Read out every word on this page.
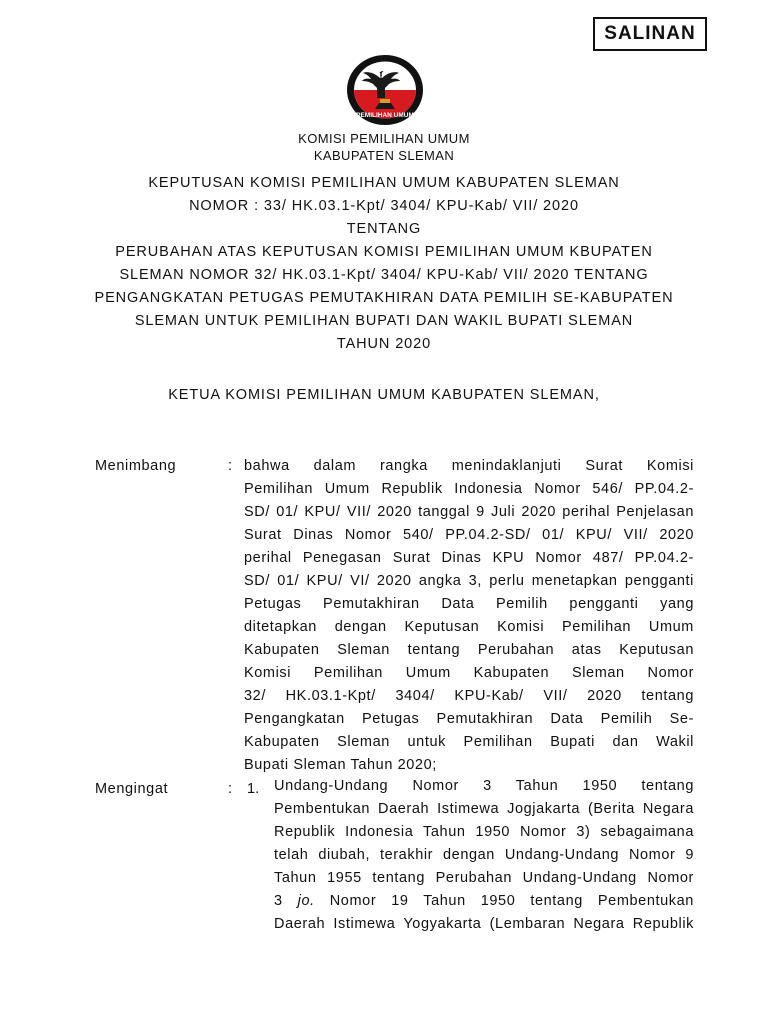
SALINAN
KOMISI
PEMILIHAN UMUM
KOMISI PEMILIHAN UMUM
KABUPATEN SLEMAN
KEPUTUSAN KOMISI PEMILIHAN UMUM KABUPATEN SLEMAN
NOMOR : 33/ HK.03.1-Kpt/ 3404/ KPU-Kab/ VII/ 2020
TENTANG
PERUBAHAN ATAS KEPUTUSAN KOMISI PEMILIHAN UMUM KBUPATEN
SLEMAN NOMOR 32/ HK.03.1-Kpt/ 3404/ KPU-Kab/ VII/ 2020 TENTANG
PENGANGKATAN PETUGAS PEMUTAKHIRAN DATA PEMILIH SE-KABUPATEN
SLEMAN UNTUK PEMILIHAN BUPATI DAN WAKIL BUPATI SLEMAN
TAHUN 2020
KETUA KOMISI PEMILIHAN UMUM KABUPATEN SLEMAN,
Menimbang	: bahwa dalam rangka menindaklanjuti Surat Komisi
Pemilihan Umum Republik Indonesia Nomor 546/ PP.04.2-
SD/ 01/ KPU/ VII/ 2020 tanggal 9 Juli 2020 perihal Penjelasan
Surat Dinas Nomor 540/ PP.04.2-SD/ 01/ KPU/ VII/ 2020
perihal Penegasan Surat Dinas KPU Nomor 487/ PP.04.2-
SD/ 01/ KPU/ VI/ 2020 angka 3, perlu menetapkan pengganti
Petugas Pemutakhiran Data Pemilih pengganti yang
ditetapkan dengan Keputusan Komisi Pemilihan Umum
Kabupaten Sleman tentang Perubahan atas Keputusan
Komisi Pemilihan Umum Kabupaten Sleman Nomor
32/ HK.03.1-Kpt/ 3404/ KPU-Kab/ VII/ 2020 tentang
Pengangkatan Petugas Pemutakhiran Data Pemilih Se-
Kabupaten Sleman untuk Pemilihan Bupati dan Wakil
Bupati Sleman Tahun 2020;
Mengingat	: 1. Undang-Undang Nomor 3 Tahun 1950 tentang
Pembentukan Daerah Istimewa Jogjakarta (Berita Negara
Republik Indonesia Tahun 1950 Nomor 3) sebagaimana
telah diubah, terakhir dengan Undang-Undang Nomor 9
Tahun 1955 tentang Perubahan Undang-Undang Nomor
3 jo. Nomor 19 Tahun 1950 tentang Pembentukan
Daerah Istimewa Yogyakarta (Lembaran Negara Republik
